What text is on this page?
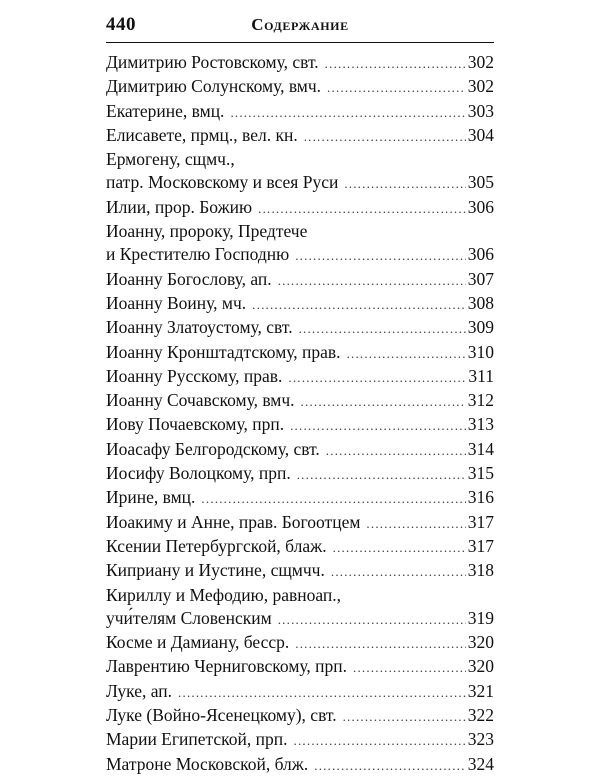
440	Содержание
Димитрию Ростовскому, свт. .....	302
Димитрию Солунскому, вмч. .....	302
Екатерине, вмц. .....	303
Елисавете, прмц., вел. кн. .....	304
Ермогену, сщмч.,
патр. Московскому и всея Руси .....	305
Илии, прор. Божию .....	306
Иоанну, пророку, Предтече
и Крестителю Господню .....	306
Иоанну Богослову, ап. .....	307
Иоанну Воину, мч. .....	308
Иоанну Златоустому, свт. .....	309
Иоанну Кронштадтскому, прав. .....	310
Иоанну Русскому, прав. .....	311
Иоанну Сочавскому, вмч. .....	312
Иову Почаевскому, прп. .....	313
Иоасафу Белгородскому, свт. .....	314
Иосифу Волоцкому, прп. .....	315
Ирине, вмц. .....	316
Иоакиму и Анне, прав. Богоотцем .....	317
Ксении Петербургской, блаж. .....	317
Киприану и Иустине, сщмчч. .....	318
Кириллу и Мефодию, равноап.,
учи́телям Словенским .....	319
Косме и Дамиану, бесср. .....	320
Лаврентию Черниговскому, прп. .....	320
Луке, ап. .....	321
Луке (Войно-Ясенецкому), свт. .....	322
Марии Египетской, прп. .....	323
Матроне Московской, блж. .....	324
